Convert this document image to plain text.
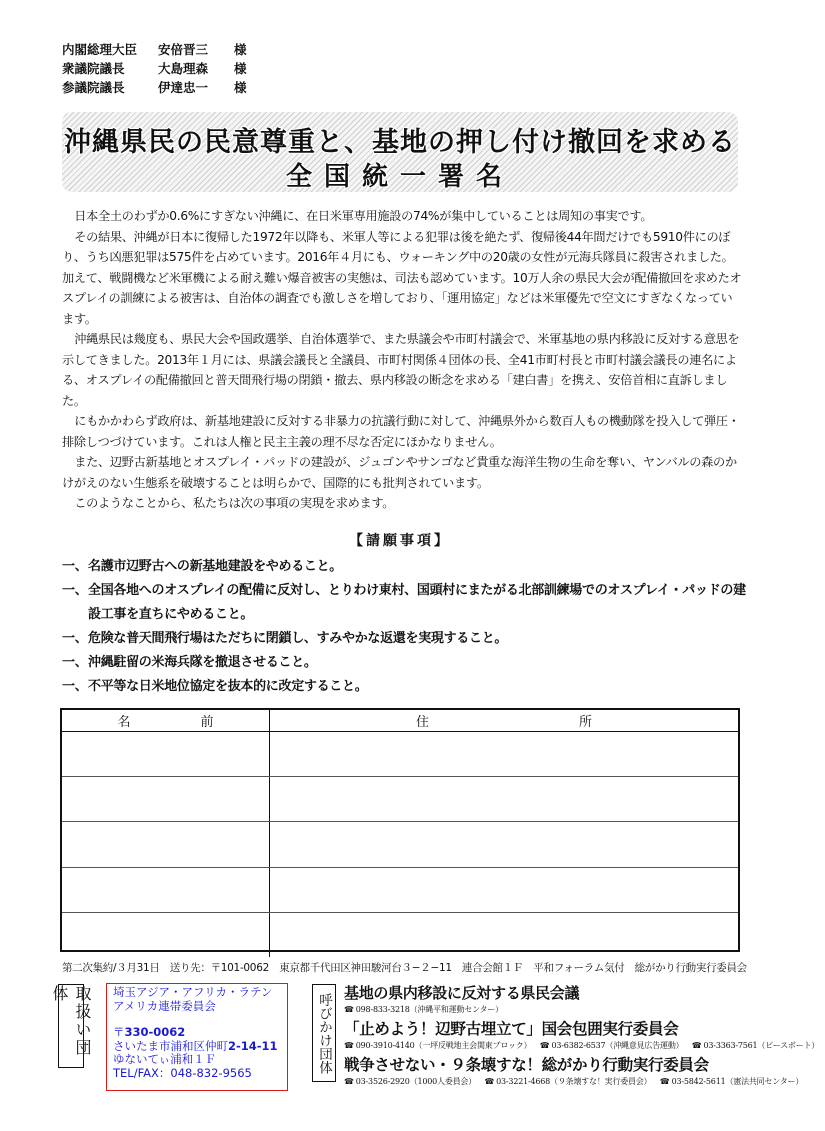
内閣総理大臣	安倍晋三	様
衆議院議長	大島理森	様
参議院議長	伊達忠一	様
沖縄県民の民意尊重と、基地の押し付け撤回を求める
全国統一署名

日本全土のわずか0.6%にすぎない沖縄に、在日米軍専用施設の74%が集中していることは周知の事実です。

その結果、沖縄が日本に復帰した1972年以降も、米軍人等による犯罪は後を絶たず、復帰後44年間だけでも5910件にのぼり、うち凶悪犯罪は575件を占めています。2016年４月にも、ウォーキング中の20歳の女性が元海兵隊員に殺害されました。加えて、戦闘機など米軍機による耐え難い爆音被害の実態は、司法も認めています。10万人余の県民大会が配備撤回を求めたオスプレイの訓練による被害は、自治体の調査でも激しさを増しており、「運用協定」などは米軍優先で空文にすぎなくなっています。

沖縄県民は幾度も、県民大会や国政選挙、自治体選挙で、また県議会や市町村議会で、米軍基地の県内移設に反対する意思を示してきました。2013年１月には、県議会議長と全議員、市町村関係４団体の長、全41市町村長と市町村議会議長の連名による、オスプレイの配備撤回と普天間飛行場の閉鎖・撤去、県内移設の断念を求める「建白書」を携え、安倍首相に直訴しました。

にもかかわらず政府は、新基地建設に反対する非暴力の抗議行動に対して、沖縄県外から数百人もの機動隊を投入して弾圧・排除しつづけています。これは人権と民主主義の理不尽な否定にほかなりません。

また、辺野古新基地とオスプレイ・パッドの建設が、ジュゴンやサンゴなど貴重な海洋生物の生命を奪い、ヤンバルの森のかけがえのない生態系を破壊することは明らかで、国際的にも批判されています。

このようなことから、私たちは次の事項の実現を求めます。

【請願事項】
一、 名護市辺野古への新基地建設をやめること。
一、 全国各地へのオスプレイの配備に反対し、とりわけ東村、国頭村にまたがる北部訓練場でのオスプレイ・パッドの建設工事を直ちにやめること。
一、 危険な普天間飛行場はただちに閉鎖し、すみやかな返還を実現すること。
一、 沖縄駐留の米海兵隊を撤退させること。
一、 不平等な日米地位協定を抜本的に改定すること。
名前	住所
第二次集約/３月31日　送り先：〒101-0062　東京都千代田区神田駿河台３−２−11　連合会館１Ｆ　平和フォーラム気付　総がかり行動実行委員会
取扱い団体	埼玉アジア・アフリカ・ラテン
アメリカ連帯委員会
〒330-0062
さいたま市浦和区仲町2-14-11
ゆないてぃ浦和１Ｆ
TEL/FAX：048-832-9565	呼びかけ団体 基地の県内移設に反対する県民会議
☎ 098-833-3218（沖縄平和運動センター）
「止めよう！辺野古埋立て」国会包囲実行委員会
☎ 090-3910-4140（一坪反戦地主会関東ブロック） ☎ 03-6382-6537（沖縄意見広告運動） ☎ 03-3363-7561（ピースボート）
戦争させない・９条壊すな！総がかり行動実行委員会
☎ 03-3526-2920（1000人委員会） ☎ 03-3221-4668（９条壊すな！実行委員会） ☎ 03-5842-5611（憲法共同センター）
